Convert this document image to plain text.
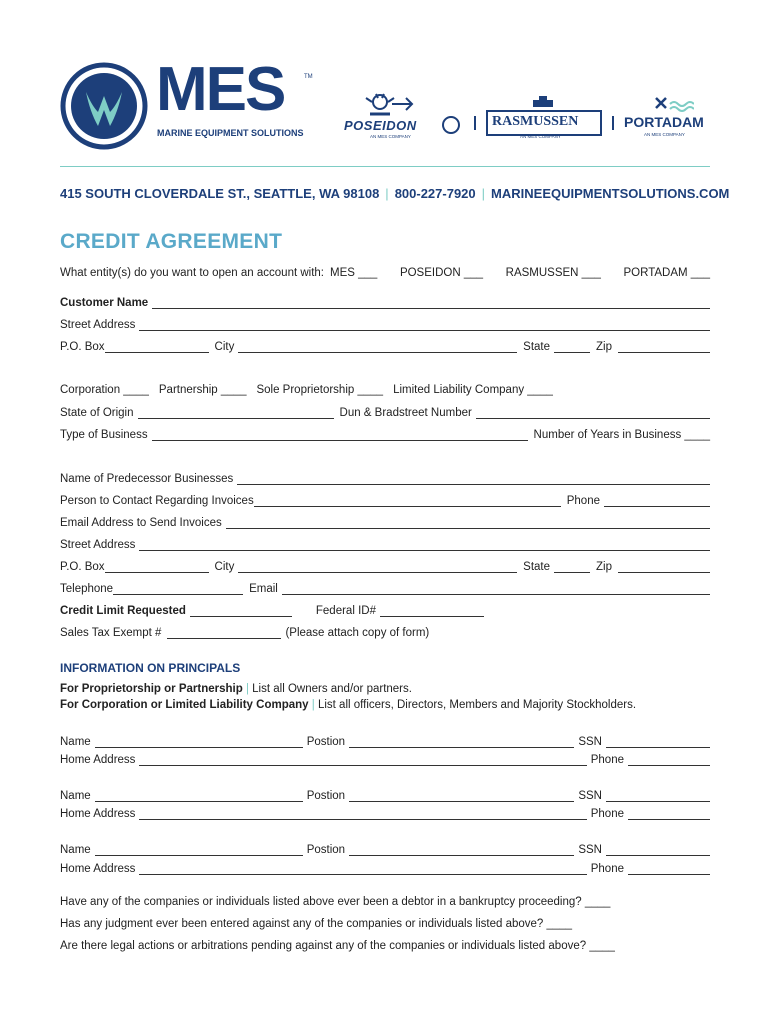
MES	TM
MARINE EQUIPMENT SOLUTIONS	POSEIDON
AN MES COMPANY
RASMUSSEN
AN MES COMPANY
PORTADAM
AN MES COMPANY
415 SOUTH CLOVERDALE ST., SEATTLE, WA 98108 | 800-227-7920 | MARINEEQUIPMENTSOLUTIONS.COM
CREDIT AGREEMENT
What entity(s) do you want to open an account with: MES ___ POSEIDON ___ RASMUSSEN ___ PORTADAM ___
Customer Name
Street Address
P.O. Box	City	State	Zip
Corporation ____ Partnership ____ Sole Proprietorship ____ Limited Liability Company ____
State of Origin	Dun & Bradstreet Number
Type of Business	Number of Years in Business ____
Name of Predecessor Businesses
Person to Contact Regarding Invoices	Phone
Email Address to Send Invoices
Street Address
P.O. Box	City	State	Zip
Telephone	Email
Credit Limit Requested	Federal ID#
Sales Tax Exempt #	(Please attach copy of form)
INFORMATION ON PRINCIPALS
For Proprietorship or Partnership | List all Owners and/or partners.
For Corporation or Limited Liability Company | List all officers, Directors, Members and Majority Stockholders.
Name	Postion	SSN
Home Address	Phone
Name	Postion	SSN
Home Address	Phone
Name	Postion	SSN
Home Address	Phone
Have any of the companies or individuals listed above ever been a debtor in a bankruptcy proceeding? ____
Has any judgment ever been entered against any of the companies or individuals listed above? ____
Are there legal actions or arbitrations pending against any of the companies or individuals listed above? ____
